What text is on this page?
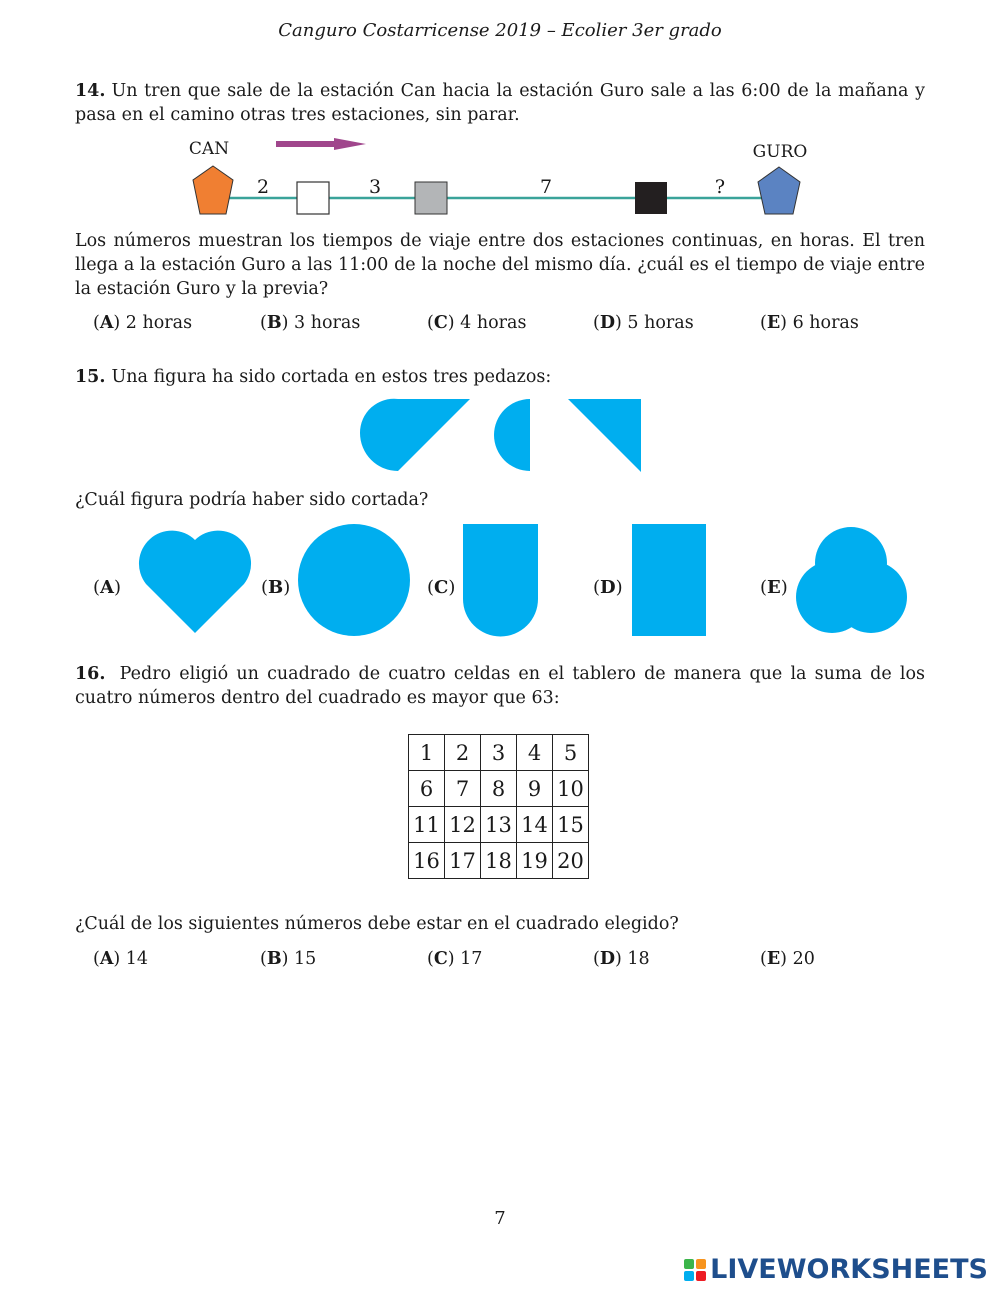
Canguro Costarricense 2019 – Ecolier 3er grado
14. Un tren que sale de la estación Can hacia la estación Guro sale a las 6:00 de la mañana y pasa en el camino otras tres estaciones, sin parar.
CAN	GURO
2	3	7	?
Los números muestran los tiempos de viaje entre dos estaciones continuas, en horas. El tren llega a la estación Guro a las 11:00 de la noche del mismo día. ¿cuál es el tiempo de viaje entre la estación Guro y la previa?
(A) 2 horas	(B) 3 horas	(C) 4 horas	(D) 5 horas	(E) 6 horas
15. Una figura ha sido cortada en estos tres pedazos:
¿Cuál figura podría haber sido cortada?
(A)	(B)	(C)	(D)	(E)
16. Pedro eligió un cuadrado de cuatro celdas en el tablero de manera que la suma de los cuatro números dentro del cuadrado es mayor que 63:
1	2	3	4	5
6	7	8	9	10
11	12	13	14	15
16	17	18	19	20
¿Cuál de los siguientes números debe estar en el cuadrado elegido?
(A) 14	(B) 15	(C) 17	(D) 18	(E) 20
7
LIVEWORKSHEETS
